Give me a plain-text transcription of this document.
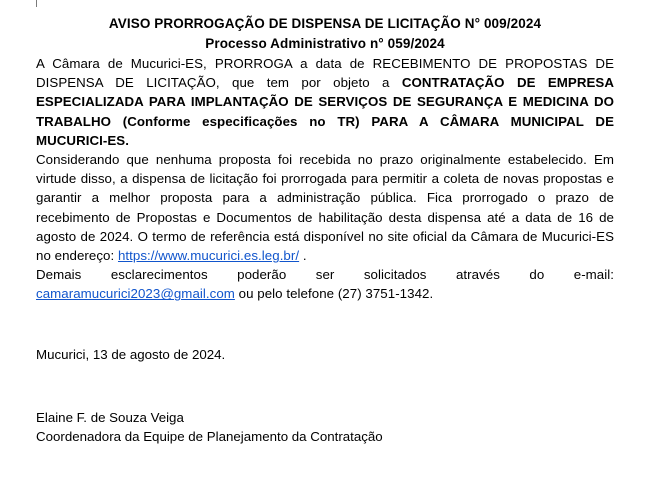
AVISO PRORROGAÇÃO DE DISPENSA DE LICITAÇÃO N° 009/2024
Processo Administrativo n° 059/2024

A Câmara de Mucurici-ES, PRORROGA a data de RECEBIMENTO DE PROPOSTAS DE DISPENSA DE LICITAÇÃO, que tem por objeto a CONTRATAÇÃO DE EMPRESA ESPECIALIZADA PARA IMPLANTAÇÃO DE SERVIÇOS DE SEGURANÇA E MEDICINA DO TRABALHO (Conforme especificações no TR) PARA A CÂMARA MUNICIPAL DE MUCURICI-ES.

Considerando que nenhuma proposta foi recebida no prazo originalmente estabelecido. Em virtude disso, a dispensa de licitação foi prorrogada para permitir a coleta de novas propostas e garantir a melhor proposta para a administração pública. Fica prorrogado o prazo de recebimento de Propostas e Documentos de habilitação desta dispensa até a data de 16 de agosto de 2024. O termo de referência está disponível no site oficial da Câmara de Mucurici-ES no endereço: https://www.mucurici.es.leg.br/ .

Demais esclarecimentos poderão ser solicitados através do e-mail: camaramucurici2023@gmail.com ou pelo telefone (27) 3751-1342.

Mucurici, 13 de agosto de 2024.

Elaine F. de Souza Veiga

Coordenadora da Equipe de Planejamento da Contratação
